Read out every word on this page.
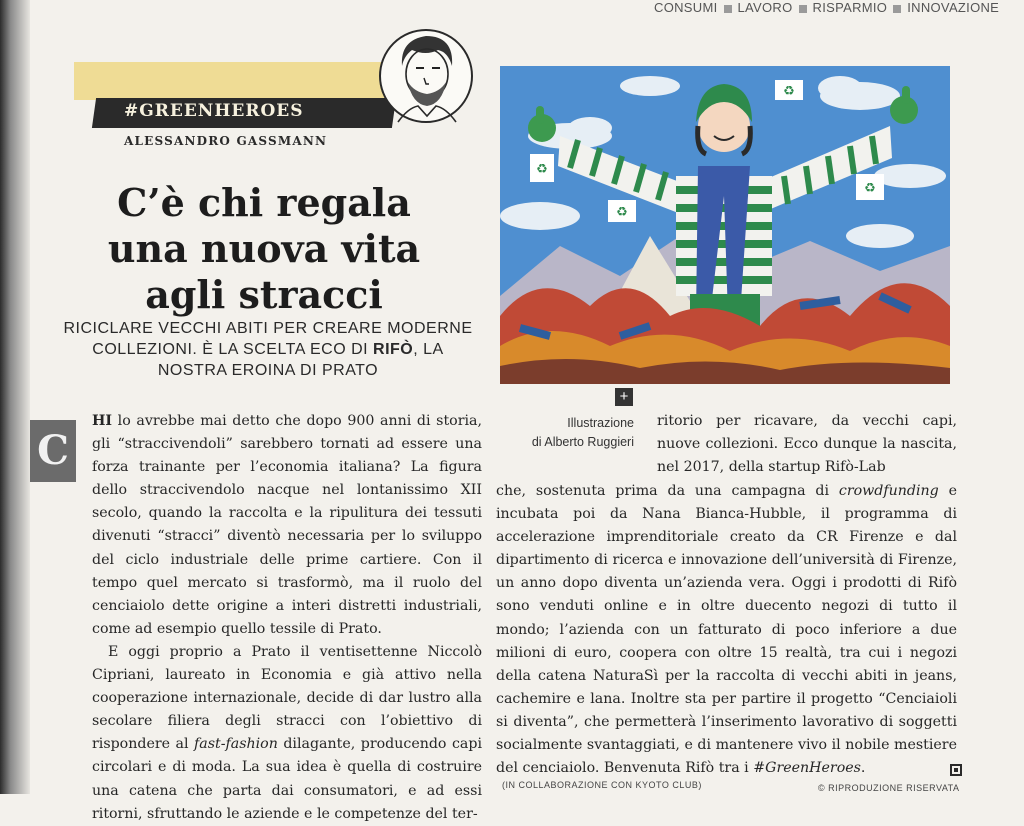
CONSUMI LAVORO RISPARMIO INNOVAZIONE
#GREENHEROES
ALESSANDRO GASSMANN
C’è chi regala una nuova vita agli stracci

RICICLARE VECCHI ABITI PER CREARE MODERNE COLLEZIONI. È LA SCELTA ECO DI RIFÒ, LA NOSTRA EROINA DI PRATO

♻
♻
♻
♻
+
Illustrazione
di Alberto Ruggieri
C

HI lo avrebbe mai detto che dopo 900 anni di storia, gli “straccivendoli” sarebbero tornati ad essere una forza trainante per l’economia italiana? La figura dello straccivendolo nacque nel lontanissimo XII secolo, quando la raccolta e la ripulitura dei tessuti divenuti “stracci” diventò necessaria per lo sviluppo del ciclo industriale delle prime cartiere. Con il tempo quel mercato si trasformò, ma il ruolo del cenciaiolo dette origine a interi distretti industriali, come ad esempio quello tessile di Prato.

E oggi proprio a Prato il ventisettenne Niccolò Cipriani, laureato in Economia e già attivo nella cooperazione internazionale, decide di dar lustro alla secolare filiera degli stracci con l’obiettivo di rispondere al fast-fashion dilagante, producendo capi circolari e di moda. La sua idea è quella di costruire una catena che parta dai consumatori, e ad essi ritorni, sfruttando le aziende e le competenze del ter-

ritorio per ricavare, da vecchi capi, nuove collezioni. Ecco dunque la nascita, nel 2017, della startup Rifò-Lab

che, sostenuta prima da una campagna di crowdfunding e incubata poi da Nana Bianca-Hubble, il programma di accelerazione imprenditoriale creato da CR Firenze e dal dipartimento di ricerca e innovazione dell’università di Firenze, un anno dopo diventa un’azienda vera. Oggi i prodotti di Rifò sono venduti online e in oltre duecento negozi di tutto il mondo; l’azienda con un fatturato di poco inferiore a due milioni di euro, coopera con oltre 15 realtà, tra cui i negozi della catena NaturaSì per la raccolta di vecchi abiti in jeans, cachemire e lana. Inoltre sta per partire il progetto “Cenciaioli si diventa”, che permetterà l’inserimento lavorativo di soggetti socialmente svantaggiati, e di mantenere vivo il nobile mestiere del cenciaiolo. Benvenuta Rifò tra i #GreenHeroes.

(IN COLLABORAZIONE CON KYOTO CLUB)	© RIPRODUZIONE RISERVATA
